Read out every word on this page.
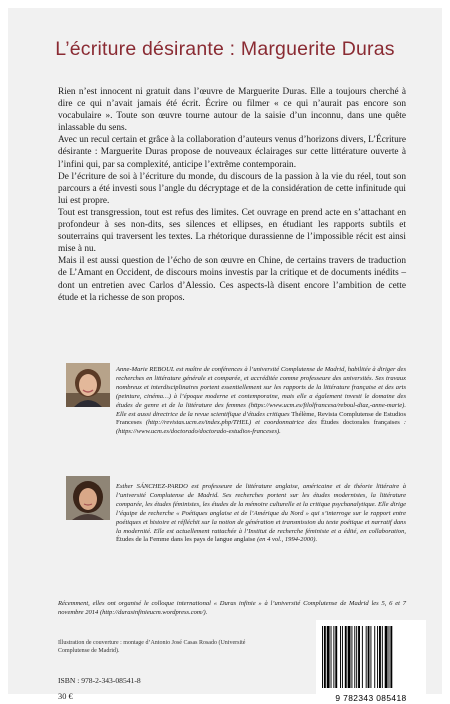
L’écriture désirante : Marguerite Duras

Rien n’est innocent ni gratuit dans l’œuvre de Marguerite Duras. Elle a toujours cherché à dire ce qui n’avait jamais été écrit. Écrire ou filmer « ce qui n’aurait pas encore son vocabulaire ». Toute son œuvre tourne autour de la saisie d’un inconnu, dans une quête inlassable du sens.

Avec un recul certain et grâce à la collaboration d’auteurs venus d’horizons divers, L’Écriture désirante : Marguerite Duras propose de nouveaux éclairages sur cette littérature ouverte à l’infini qui, par sa complexité, anticipe l’extrême contemporain.

De l’écriture de soi à l’écriture du monde, du discours de la passion à la vie du réel, tout son parcours a été investi sous l’angle du décryptage et de la considération de cette infinitude qui lui est propre.

Tout est transgression, tout est refus des limites. Cet ouvrage en prend acte en s’attachant en profondeur à ses non-dits, ses silences et ellipses, en étudiant les rapports subtils et souterrains qui traversent les textes. La rhétorique durassienne de l’impossible récit est ainsi mise à nu.

Mais il est aussi question de l’écho de son œuvre en Chine, de certains travers de traduction de L’Amant en Occident, de discours moins investis par la critique et de documents inédits – dont un entretien avec Carlos d’Alessio. Ces aspects-là disent encore l’ambition de cette étude et la richesse de son propos.

Anne-Marie REBOUL est maître de conférences à l’université Complutense de Madrid, habilitée à diriger des recherches en littérature générale et comparée, et accréditée comme professeure des universités. Ses travaux nombreux et interdisciplinaires portent essentiellement sur les rapports de la littérature française et des arts (peinture, cinéma…) à l’époque moderne et contemporaine, mais elle a également investi le domaine des études de genre et de la littérature des femmes (https://www.ucm.es/filolfrancesa/reboul-diaz,-anne-marie). Elle est aussi directrice de la revue scientifique d’études critiques Thélème, Revista Complutense de Estudios Franceses (http://revistas.ucm.es/index.php/THEL) et coordonnatrice des Études doctorales françaises : (https://www.ucm.es/doctorado/doctorado-estudios-franceses).
Esther SÁNCHEZ-PARDO est professeure de littérature anglaise, américaine et de théorie littéraire à l’université Complutense de Madrid. Ses recherches portent sur les études modernistes, la littérature comparée, les études féministes, les études de la mémoire culturelle et la critique psychanalytique. Elle dirige l’équipe de recherche « Poétiques anglaise et de l’Amérique du Nord » qui s’interroge sur le rapport entre poétiques et histoire et réfléchit sur la notion de génération et transmission du texte poétique et narratif dans la modernité. Elle est actuellement rattachée à l’Institut de recherche féministe et a édité, en collaboration, Études de la Femme dans les pays de langue anglaise (en 4 vol., 1994-2000).
Récemment, elles ont organisé le colloque international « Duras infinie » à l’université Complutense de Madrid les 5, 6 et 7 novembre 2014 (http://durasinfinieucm.wordpress.com/).
Illustration de couverture : montage d’Antonio José Casas Rosado (Université Complutense de Madrid).
ISBN : 978-2-343-08541-8
30 €	9 782343 085418
